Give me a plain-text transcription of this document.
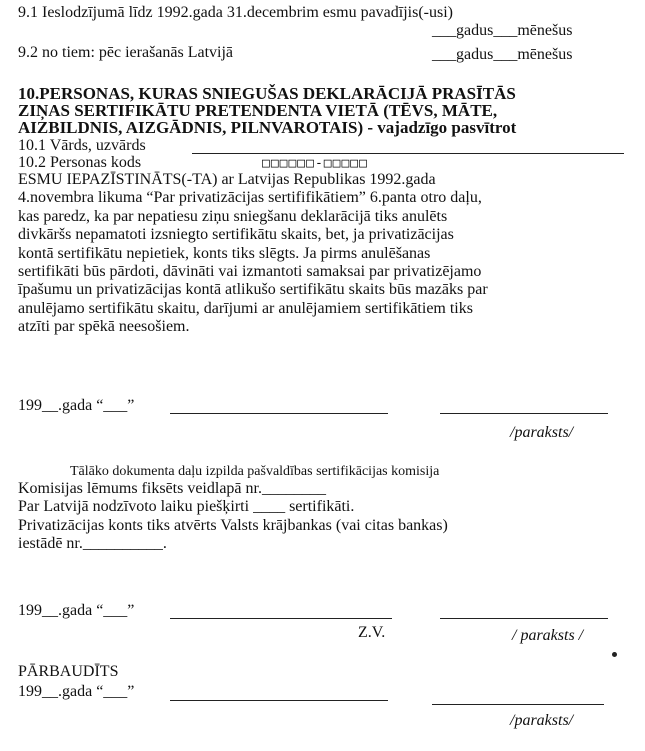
9.1 Ieslodzījumā līdz 1992.gada 31.decembrim esmu pavadījis(-usi)
___gadus___mēnešus
9.2 no tiem: pēc ierašanās Latvijā	___gadus___mēnešus
10.PERSONAS, KURAS SNIEGUŠAS DEKLARĀCIJĀ PRASĪTĀS
ZIŅAS SERTIFIKĀTU PRETENDENTA VIETĀ (TĒVS, MĀTE,
AIZBILDNIS, AIZGĀDNIS, PILNVAROTAIS) - vajadzīgo pasvītrot
10.1 Vārds, uzvārds
10.2 Personas kods	□□□□□□-□□□□□
ESMU IEPAZĪSTINĀTS(-TA) ar Latvijas Republikas 1992.gada
4.novembra likuma “Par privatizācijas sertififikātiem” 6.panta otro daļu,
kas paredz, ka par nepatiesu ziņu sniegšanu deklarācijā tiks anulēts
divkāršs nepamatoti izsniegto sertifikātu skaits, bet, ja privatizācijas
kontā sertifikātu nepietiek, konts tiks slēgts. Ja pirms anulēšanas
sertifikāti būs pārdoti, dāvināti vai izmantoti samaksai par privatizējamo
īpašumu un privatizācijas kontā atlikušo sertifikātu skaits būs mazāks par
anulējamo sertifikātu skaitu, darījumi ar anulējamiem sertifikātiem tiks
atzīti par spēkā neesošiem.
199__.gada “___”
/paraksts/
Tālāko dokumenta daļu izpilda pašvaldības sertifikācijas komisija
Komisijas lēmums fiksēts veidlapā nr.________
Par Latvijā nodzīvoto laiku piešķirti ____ sertifikāti.
Privatizācijas konts tiks atvērts Valsts krājbankas (vai citas bankas)
iestādē nr.__________.
199__.gada “___”
Z.V.	/ paraksts /
PĀRBAUDĪTS
199__.gada “___”
/paraksts/
